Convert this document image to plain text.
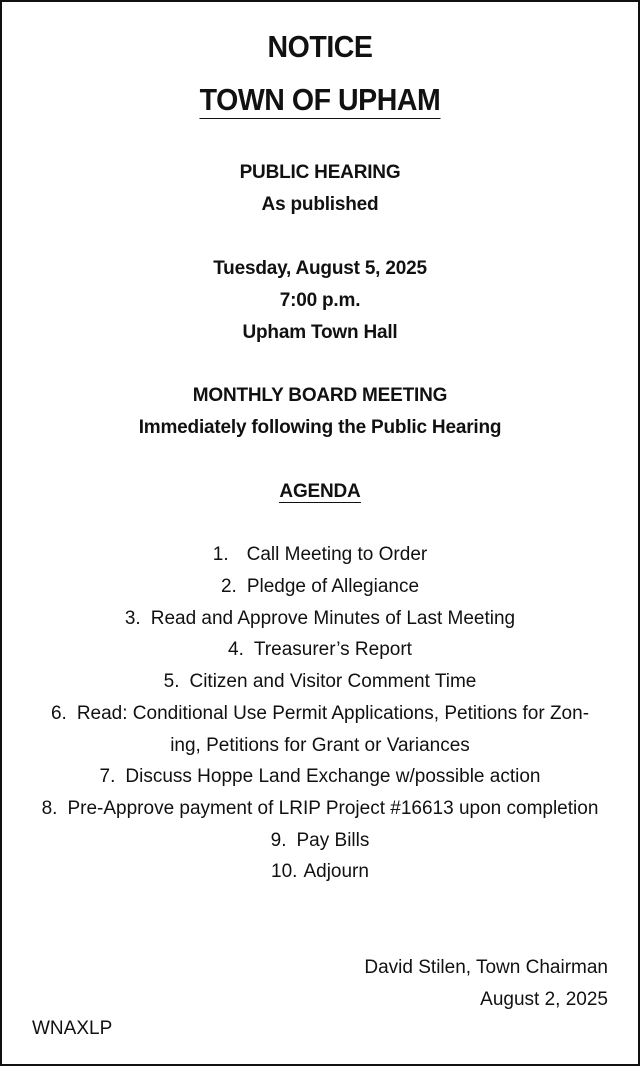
NOTICE
TOWN OF UPHAM
PUBLIC HEARING
As published
Tuesday, August 5, 2025
7:00 p.m.
Upham Town Hall
MONTHLY BOARD MEETING
Immediately following the Public Hearing
AGENDA
1. Call Meeting to Order
2. Pledge of Allegiance
3. Read and Approve Minutes of Last Meeting
4. Treasurer’s Report
5. Citizen and Visitor Comment Time
6. Read: Conditional Use Permit Applications, Petitions for Zon-
ing, Petitions for Grant or Variances
7. Discuss Hoppe Land Exchange w/possible action
8. Pre-Approve payment of LRIP Project #16613 upon completion
9. Pay Bills
10. Adjourn
David Stilen, Town Chairman
August 2, 2025
WNAXLP
